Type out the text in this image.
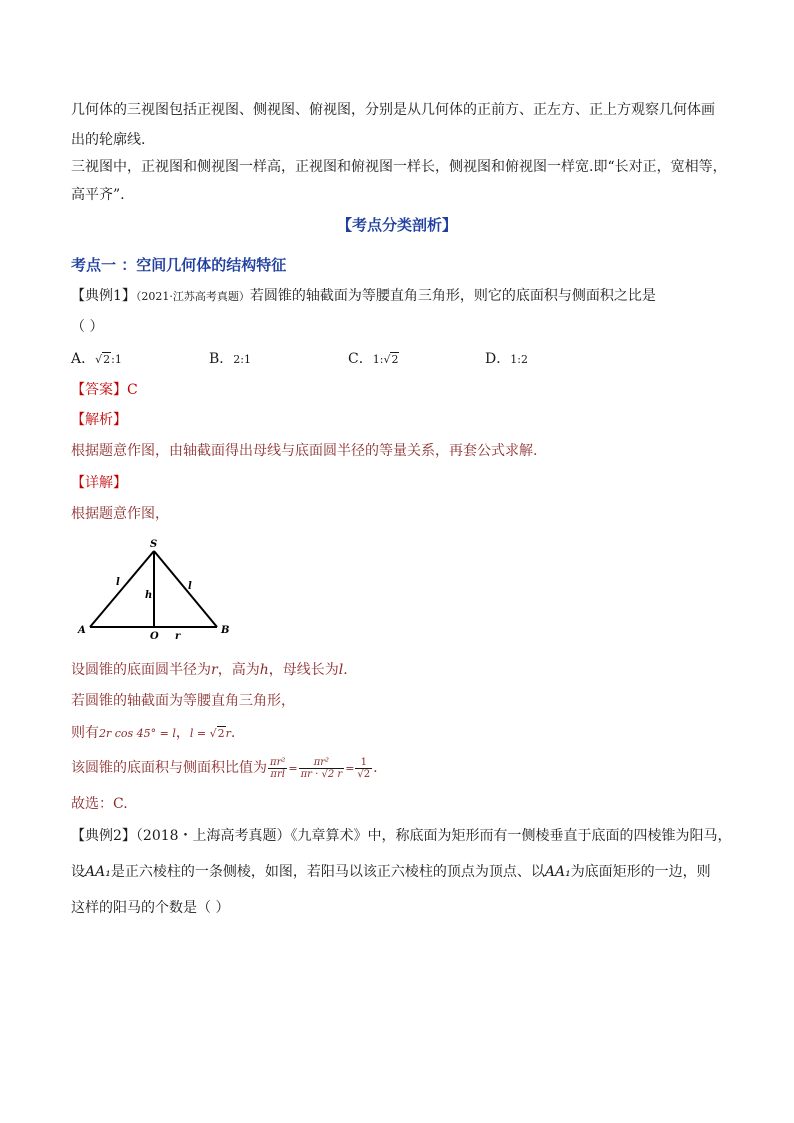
几何体的三视图包括正视图、侧视图、俯视图，分别是从几何体的正前方、正左方、正上方观察几何体画
出的轮廓线.
三视图中，正视图和侧视图一样高，正视图和俯视图一样长，侧视图和俯视图一样宽.即“长对正，宽相等，
高平齐”.
【考点分类剖析】
考点一 ：空间几何体的结构特征
【典例1】（2021·江苏高考真题）若圆锥的轴截面为等腰直角三角形，则它的底面积与侧面积之比是
（ ）
A．√2:1	B．2:1	C．1:√2	D．1:2
【答案】C
【解析】
根据题意作图，由轴截面得出母线与底面圆半径的等量关系，再套公式求解.
【详解】
根据题意作图，
S
A	B
O
l	l
h
r
设圆锥的底面圆半径为r，高为h，母线长为l.
若圆锥的轴截面为等腰直角三角形，
则有2r cos 45° = l，l = √2r.
该圆锥的底面积与侧面积比值为 $\frac{\text{πr²}}{\text{πrl}} = \frac{\text{πr²}}{\pi r \cdot √2 r} = \frac{1}{√2}$ .
故选：C.
【典例2】（2018・上海高考真题）《九章算术》中，称底面为矩形而有一侧棱垂直于底面的四棱锥为阳马，
设AA₁是正六棱柱的一条侧棱，如图，若阳马以该正六棱柱的顶点为顶点、以AA₁为底面矩形的一边，则
这样的阳马的个数是（ ）
